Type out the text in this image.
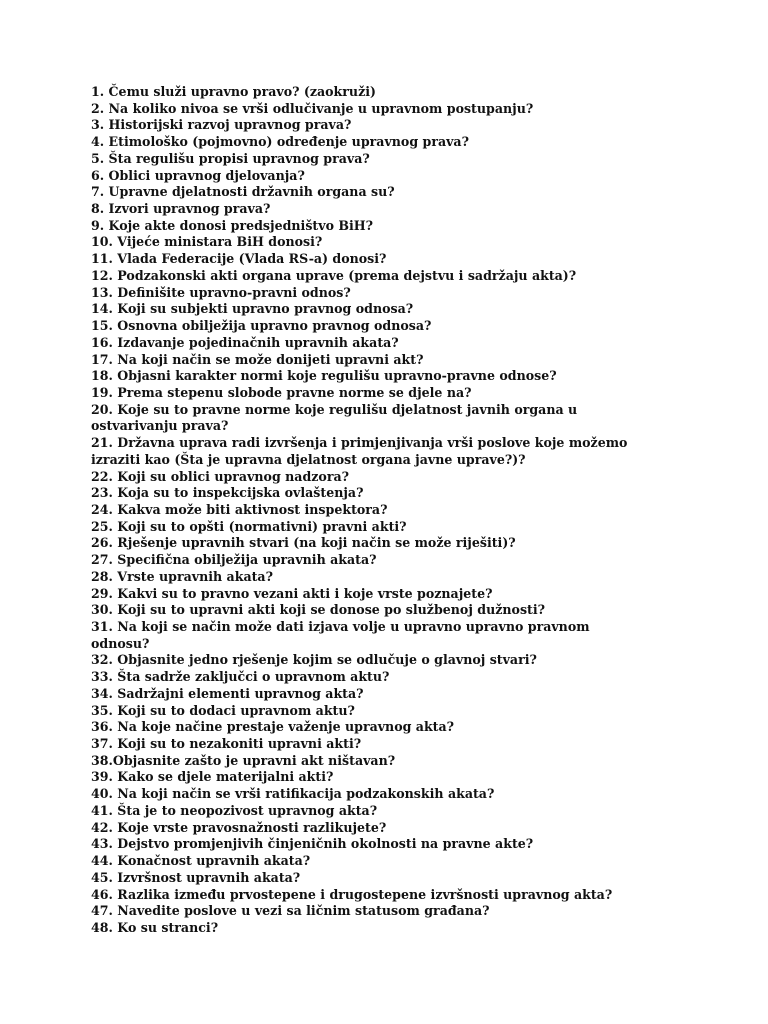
1. Čemu služi upravno pravo? (zaokruži)
2. Na koliko nivoa se vrši odlučivanje u upravnom postupanju?
3. Historijski razvoj upravnog prava?
4. Etimološko (pojmovno) određenje upravnog prava?
5. Šta regulišu propisi upravnog prava?
6. Oblici upravnog djelovanja?
7. Upravne djelatnosti državnih organa su?
8. Izvori upravnog prava?
9. Koje akte donosi predsjedništvo BiH?
10. Vijeće ministara BiH donosi?
11. Vlada Federacije (Vlada RS-a) donosi?
12. Podzakonski akti organa uprave (prema dejstvu i sadržaju akta)?
13. Definišite upravno-pravni odnos?
14. Koji su subjekti upravno pravnog odnosa?
15. Osnovna obilježija upravno pravnog odnosa?
16. Izdavanje pojedinačnih upravnih akata?
17. Na koji način se može donijeti upravni akt?
18. Objasni karakter normi koje regulišu upravno-pravne odnose?
19. Prema stepenu slobode pravne norme se djele na?
20. Koje su to pravne norme koje regulišu djelatnost javnih organa u ostvarivanju prava?
21. Državna uprava radi izvršenja i primjenjivanja vrši poslove koje možemo izraziti kao (Šta je upravna djelatnost organa javne uprave?)?
22. Koji su oblici upravnog nadzora?
23. Koja su to inspekcijska ovlaštenja?
24. Kakva može biti aktivnost inspektora?
25. Koji su to opšti (normativni) pravni akti?
26. Rješenje upravnih stvari (na koji način se može riješiti)?
27. Specifična obilježija upravnih akata?
28. Vrste upravnih akata?
29. Kakvi su to pravno vezani akti i koje vrste poznajete?
30. Koji su to upravni akti koji se donose po službenoj dužnosti?
31. Na koji se način može dati izjava volje u upravno upravno pravnom odnosu?
32. Objasnite jedno rješenje kojim se odlučuje o glavnoj stvari?
33. Šta sadrže zaključci o upravnom aktu?
34. Sadržajni elementi upravnog akta?
35. Koji su to dodaci upravnom aktu?
36. Na koje načine prestaje važenje upravnog akta?
37. Koji su to nezakoniti upravni akti?
38.Objasnite zašto je upravni akt ništavan?
39. Kako se djele materijalni akti?
40. Na koji način se vrši ratifikacija podzakonskih akata?
41. Šta je to neopozivost upravnog akta?
42. Koje vrste pravosnažnosti razlikujete?
43. Dejstvo promjenjivih činjeničnih okolnosti na pravne akte?
44. Konačnost upravnih akata?
45. Izvršnost upravnih akata?
46. Razlika između prvostepene i drugostepene izvršnosti upravnog akta?
47. Navedite poslove u vezi sa ličnim statusom građana?
48. Ko su stranci?
